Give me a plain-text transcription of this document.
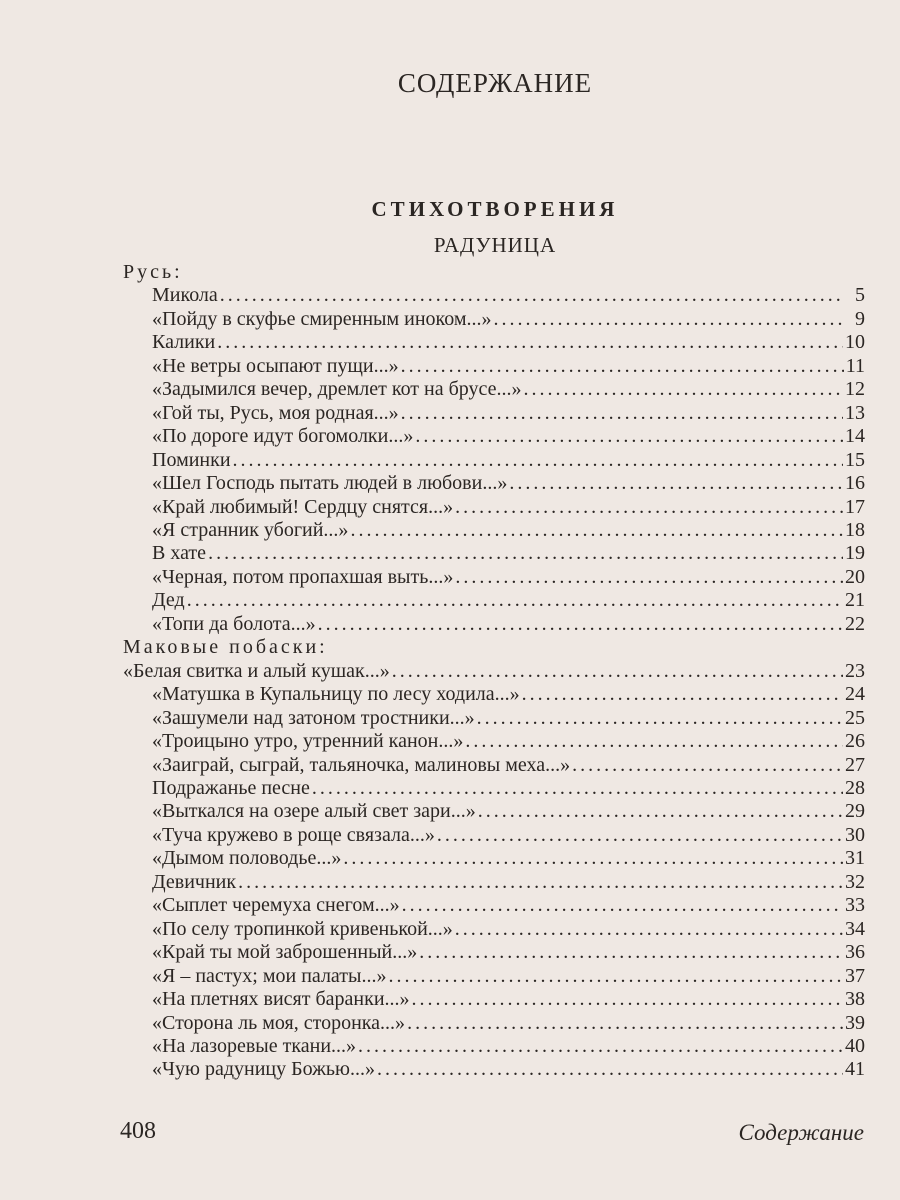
СОДЕРЖАНИЕ
СТИХОТВОРЕНИЯ
РАДУНИЦА
Русь:
Микола . . .	5
«Пойду в скуфье смиренным иноком...» . . .	9
Калики . . .	10
«Не ветры осыпают пущи...» . . .	11
«Задымился вечер, дремлет кот на брусе...» . . .	12
«Гой ты, Русь, моя родная...» . . .	13
«По дороге идут богомолки...» . . .	14
Поминки . . .	15
«Шел Господь пытать людей в любови...» . . .	16
«Край любимый! Сердцу снятся...» . . .	17
«Я странник убогий...» . . .	18
В хате . . .	19
«Черная, потом пропахшая выть...» . . .	20
Дед . . .	21
«Топи да болота...» . . .	22
Маковые побаски:
«Белая свитка и алый кушак...» . . .	23
«Матушка в Купальницу по лесу ходила...» . . .	24
«Зашумели над затоном тростники...» . . .	25
«Троицыно утро, утренний канон...» . . .	26
«Заиграй, сыграй, тальяночка, малиновы меха...» . . .	27
Подражанье песне . . .	28
«Выткался на озере алый свет зари...» . . .	29
«Туча кружево в роще связала...» . . .	30
«Дымом половодье...» . . .	31
Девичник . . .	32
«Сыплет черемуха снегом...» . . .	33
«По селу тропинкой кривенькой...» . . .	34
«Край ты мой заброшенный...» . . .	36
«Я – пастух; мои палаты...» . . .	37
«На плетнях висят баранки...» . . .	38
«Сторона ль моя, сторонка...» . . .	39
«На лазоревые ткани...» . . .	40
«Чую радуницу Божью...» . . .	41
408	Содержание
